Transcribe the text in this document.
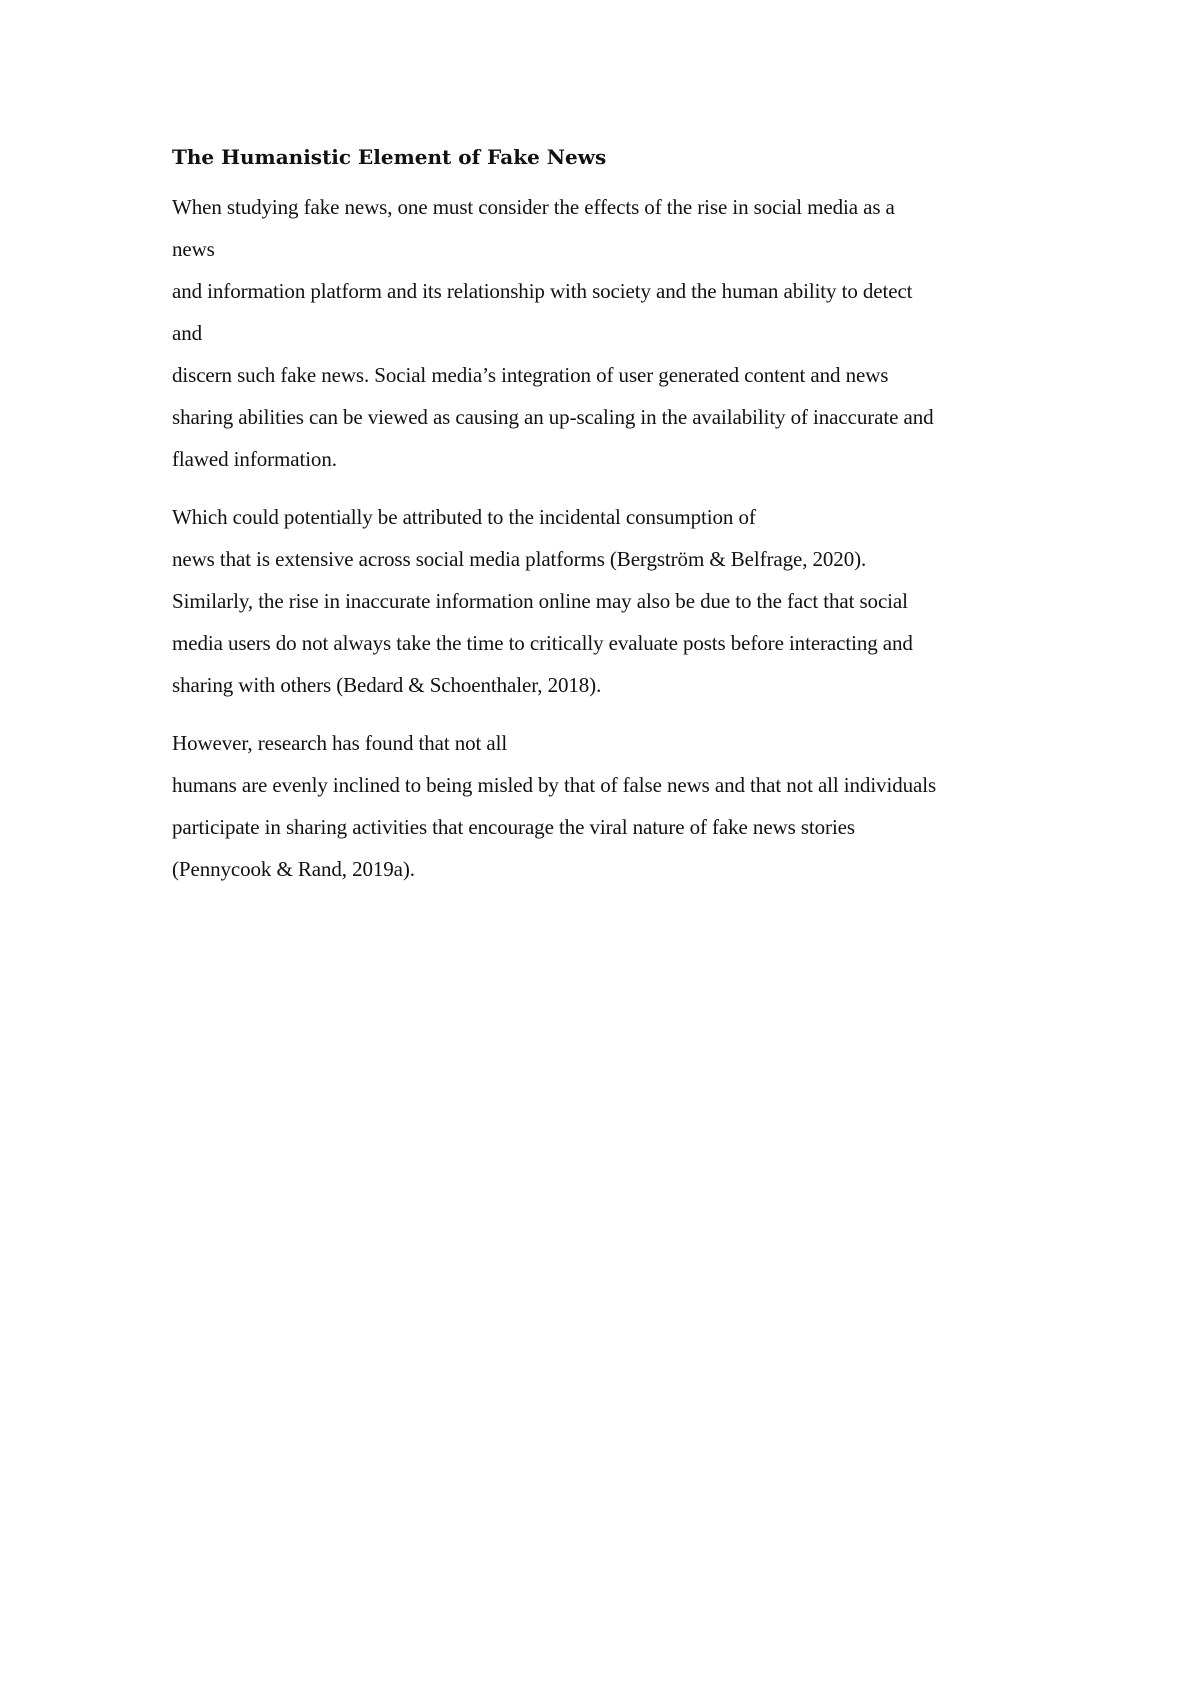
The Humanistic Element of Fake News

When studying fake news, one must consider the effects of the rise in social media as a
news
and information platform and its relationship with society and the human ability to detect
and
discern such fake news. Social media’s integration of user generated content and news
sharing abilities can be viewed as causing an up-scaling in the availability of inaccurate and
flawed information.

Which could potentially be attributed to the incidental consumption of
news that is extensive across social media platforms (Bergström & Belfrage, 2020).
Similarly, the rise in inaccurate information online may also be due to the fact that social
media users do not always take the time to critically evaluate posts before interacting and
sharing with others (Bedard & Schoenthaler, 2018).

However, research has found that not all
humans are evenly inclined to being misled by that of false news and that not all individuals
participate in sharing activities that encourage the viral nature of fake news stories
(Pennycook & Rand, 2019a).
